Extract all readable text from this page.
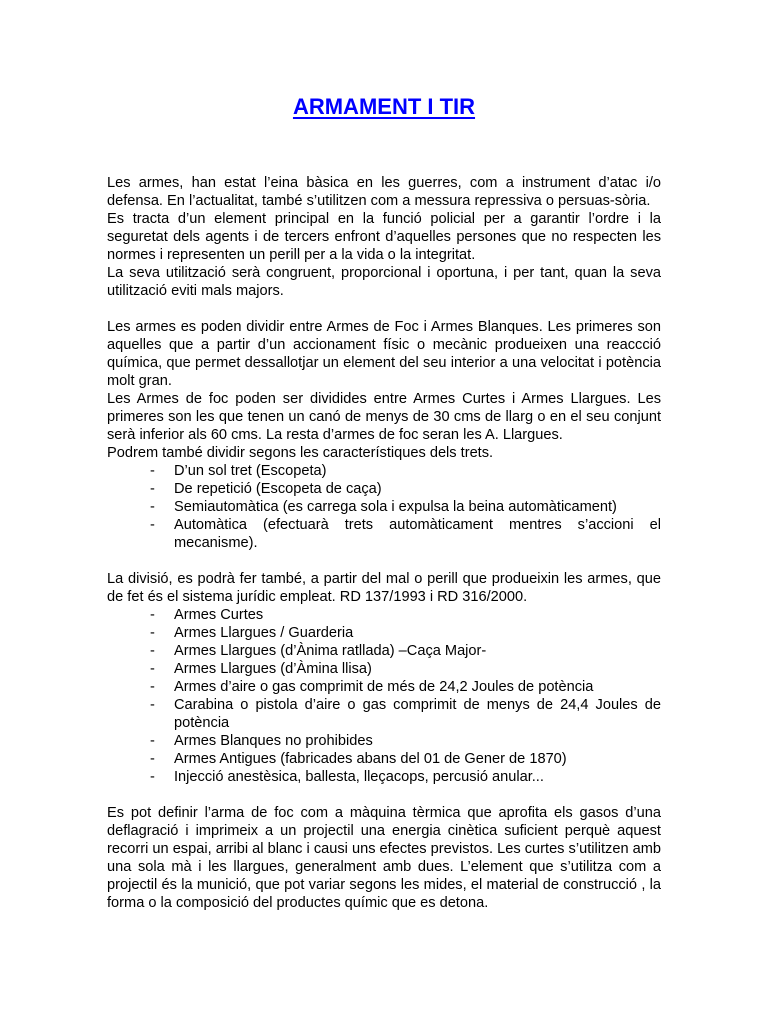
ARMAMENT I TIR

Les armes, han estat l’eina bàsica en les guerres, com a instrument d’atac i/o defensa. En l’actualitat, també s’utilitzen com a messura repressiva o persuas-sòria.

Es tracta d’un element principal en la funció policial per a garantir l’ordre i la seguretat dels agents i de tercers enfront d’aquelles persones que no respecten les normes i representen un perill per a la vida o la integritat.

La seva utilització serà congruent, proporcional i oportuna, i per tant, quan la seva utilització eviti mals majors.

Les armes es poden dividir entre Armes de Foc i Armes Blanques. Les primeres son aquelles que a partir d’un accionament físic o mecànic produeixen una reaccció química, que permet dessallotjar un element del seu interior a una velocitat i potència molt gran.

Les Armes de foc poden ser dividides entre Armes Curtes i Armes Llargues. Les primeres son les que tenen un canó de menys de 30 cms de llarg o en el seu conjunt serà inferior als 60 cms. La resta d’armes de foc seran les A. Llargues.

Podrem també dividir segons les característiques dels trets.

- D’un sol tret (Escopeta)
- De repetició (Escopeta de caça)
- Semiautomàtica (es carrega sola i expulsa la beina automàticament)
- Automàtica (efectuarà trets automàticament mentres s’accioni el mecanisme).

La divisió, es podrà fer també, a partir del mal o perill que produeixin les armes, que de fet és el sistema jurídic empleat. RD 137/1993 i RD 316/2000.

- Armes Curtes
- Armes Llargues / Guarderia
- Armes Llargues (d’Ànima ratllada) –Caça Major-
- Armes Llargues (d’Àmina llisa)
- Armes d’aire o gas comprimit de més de 24,2 Joules de potència
- Carabina o pistola d’aire o gas comprimit de menys de 24,4 Joules de potència
- Armes Blanques no prohibides
- Armes Antigues (fabricades abans del 01 de Gener de 1870)
- Injecció anestèsica, ballesta, lleçacops, percusió anular...

Es pot definir l’arma de foc com a màquina tèrmica que aprofita els gasos d’una deflagració i imprimeix a un projectil una energia cinètica suficient perquè aquest recorri un espai, arribi al blanc i causi uns efectes previstos. Les curtes s’utilitzen amb una sola mà i les llargues, generalment amb dues. L’element que s’utilitza com a projectil és la munició, que pot variar segons les mides, el material de construcció , la forma o la composició del productes químic que es detona.
